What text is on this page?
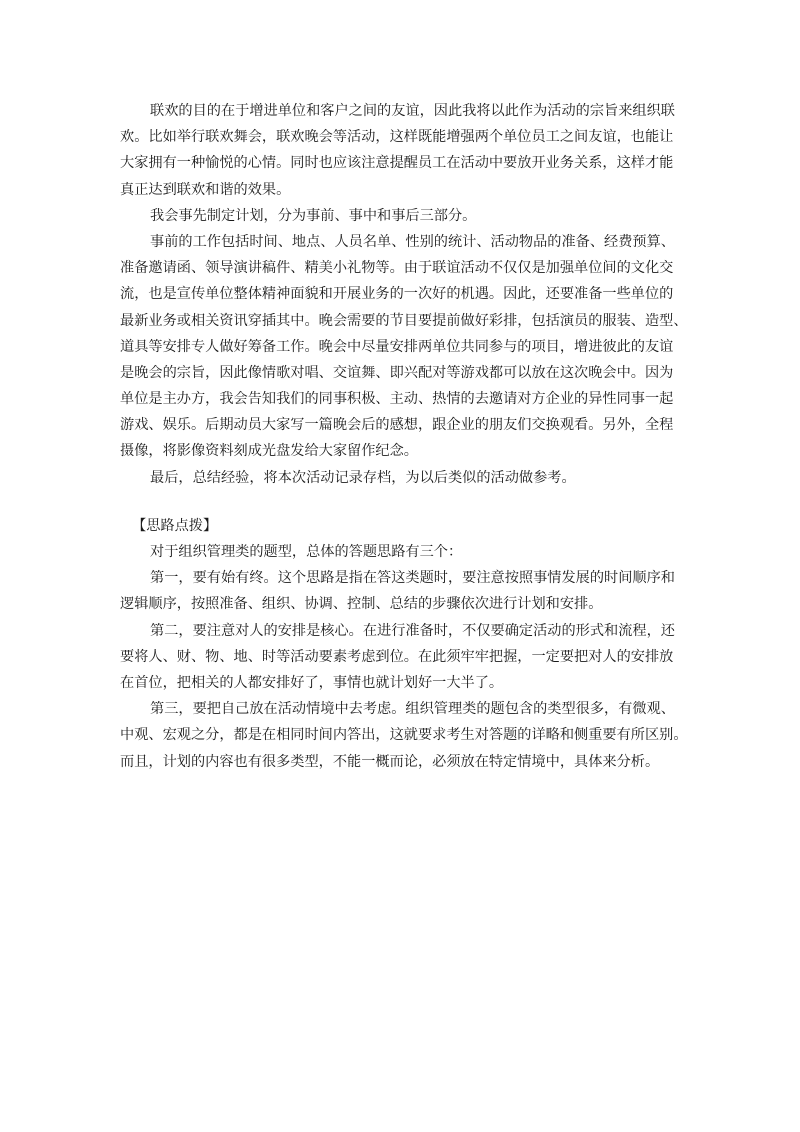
联欢的目的在于增进单位和客户之间的友谊，因此我将以此作为活动的宗旨来组织联
欢。比如举行联欢舞会，联欢晚会等活动，这样既能增强两个单位员工之间友谊，也能让
大家拥有一种愉悦的心情。同时也应该注意提醒员工在活动中要放开业务关系，这样才能
真正达到联欢和谐的效果。
我会事先制定计划，分为事前、事中和事后三部分。
事前的工作包括时间、地点、人员名单、性别的统计、活动物品的准备、经费预算、
准备邀请函、领导演讲稿件、精美小礼物等。由于联谊活动不仅仅是加强单位间的文化交
流，也是宣传单位整体精神面貌和开展业务的一次好的机遇。因此，还要准备一些单位的
最新业务或相关资讯穿插其中。晚会需要的节目要提前做好彩排，包括演员的服装、造型、
道具等安排专人做好筹备工作。晚会中尽量安排两单位共同参与的项目，增进彼此的友谊
是晚会的宗旨，因此像情歌对唱、交谊舞、即兴配对等游戏都可以放在这次晚会中。因为
单位是主办方，我会告知我们的同事积极、主动、热情的去邀请对方企业的异性同事一起
游戏、娱乐。后期动员大家写一篇晚会后的感想，跟企业的朋友们交换观看。另外，全程
摄像，将影像资料刻成光盘发给大家留作纪念。
最后，总结经验，将本次活动记录存档，为以后类似的活动做参考。
【思路点拨】
对于组织管理类的题型，总体的答题思路有三个：
第一，要有始有终。这个思路是指在答这类题时，要注意按照事情发展的时间顺序和
逻辑顺序，按照准备、组织、协调、控制、总结的步骤依次进行计划和安排。
第二，要注意对人的安排是核心。在进行准备时，不仅要确定活动的形式和流程，还
要将人、财、物、地、时等活动要素考虑到位。在此须牢牢把握，一定要把对人的安排放
在首位，把相关的人都安排好了，事情也就计划好一大半了。
第三，要把自己放在活动情境中去考虑。组织管理类的题包含的类型很多，有微观、
中观、宏观之分，都是在相同时间内答出，这就要求考生对答题的详略和侧重要有所区别。
而且，计划的内容也有很多类型，不能一概而论，必须放在特定情境中，具体来分析。
